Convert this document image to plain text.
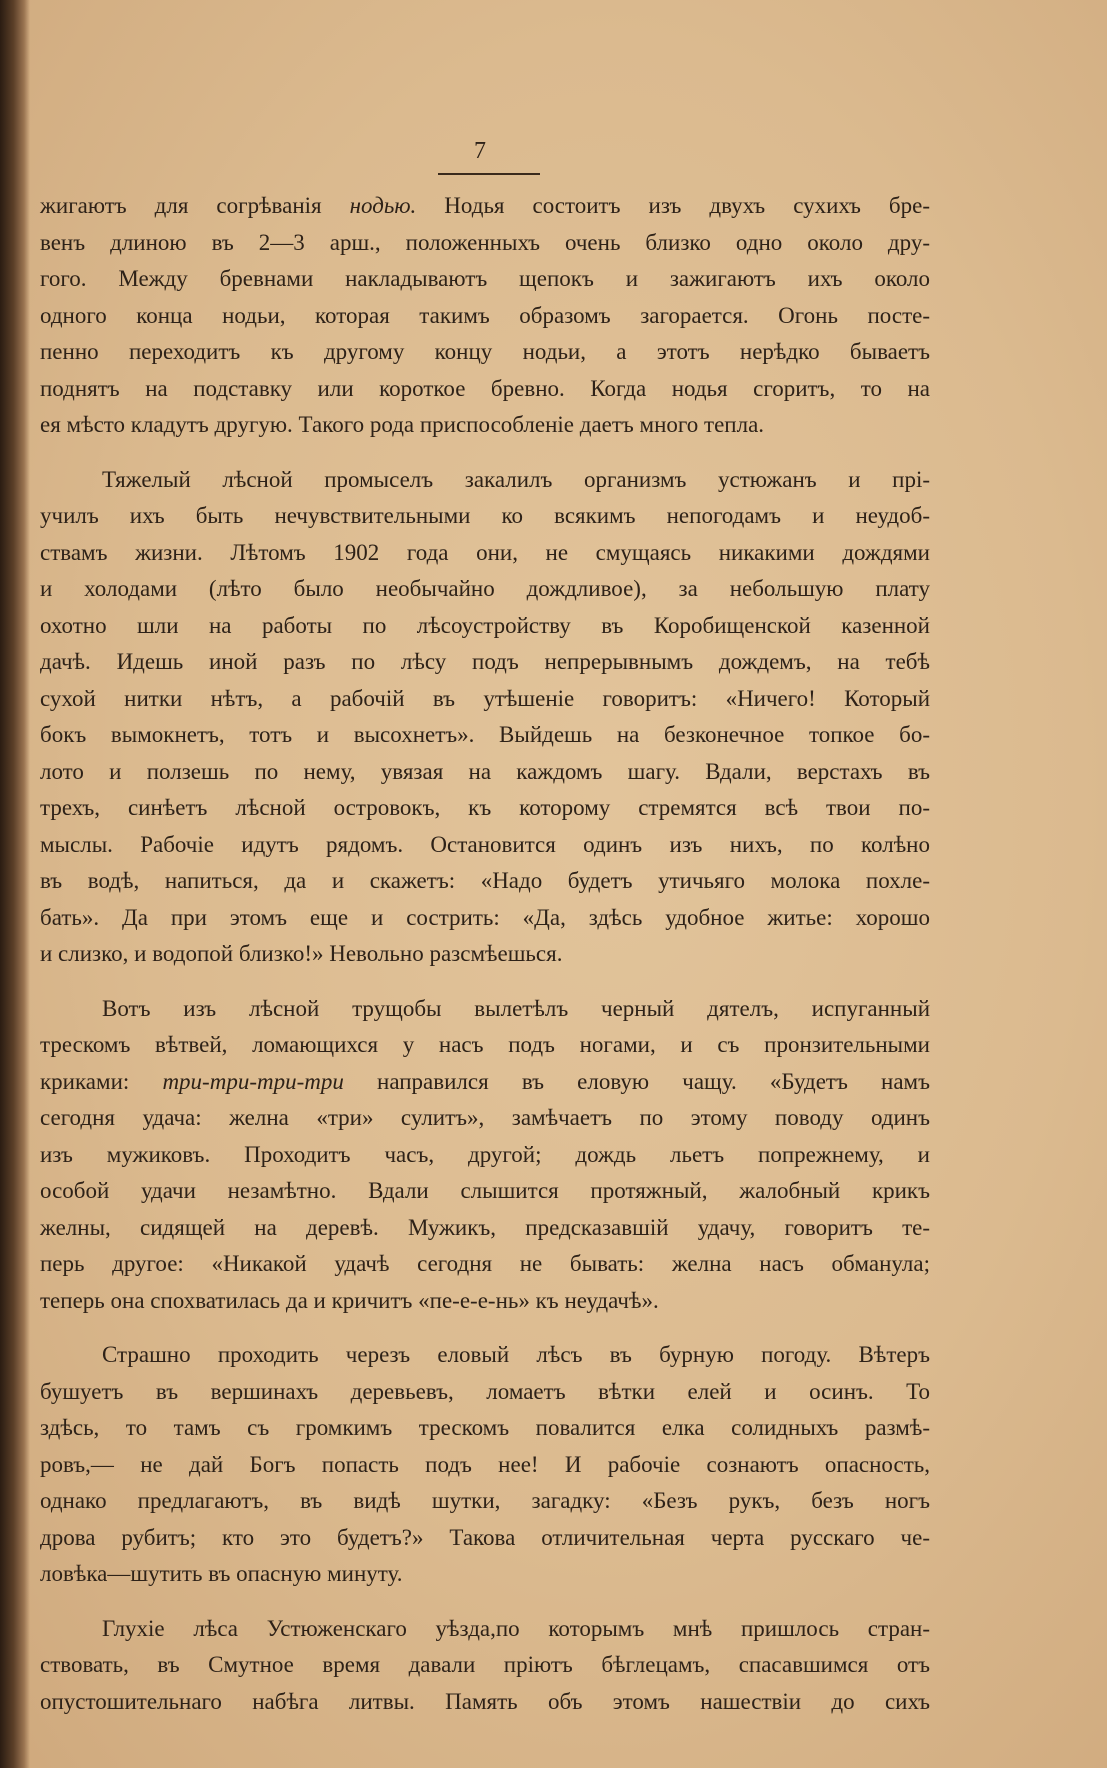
7
жигаютъ для согрѣванія нодью. Нодья состоитъ изъ двухъ сухихъ бре-
венъ длиною въ 2—3 арш., положенныхъ очень близко одно около дру-
гого. Между бревнами накладываютъ щепокъ и зажигаютъ ихъ около
одного конца нодьи, которая такимъ образомъ загорается. Огонь посте-
пенно переходитъ къ другому концу нодьи, а этотъ нерѣдко бываетъ
поднятъ на подставку или короткое бревно. Когда нодья сгоритъ, то на
ея мѣсто кладутъ другую. Такого рода приспособленіе даетъ много тепла.
Тяжелый лѣсной промыселъ закалилъ организмъ устюжанъ и прі-
училъ ихъ быть нечувствительными ко всякимъ непогодамъ и неудоб-
ствамъ жизни. Лѣтомъ 1902 года они, не смущаясь никакими дождями
и холодами (лѣто было необычайно дождливое), за небольшую плату
охотно шли на работы по лѣсоустройству въ Коробищенской казенной
дачѣ. Идешь иной разъ по лѣсу подъ непрерывнымъ дождемъ, на тебѣ
сухой нитки нѣтъ, а рабочій въ утѣшеніе говоритъ: «Ничего! Который
бокъ вымокнетъ, тотъ и высохнетъ». Выйдешь на безконечное топкое бо-
лото и ползешь по нему, увязая на каждомъ шагу. Вдали, верстахъ въ
трехъ, синѣетъ лѣсной островокъ, къ которому стремятся всѣ твои по-
мыслы. Рабочіе идутъ рядомъ. Остановится одинъ изъ нихъ, по колѣно
въ водѣ, напиться, да и скажетъ: «Надо будетъ утичьяго молока похле-
бать». Да при этомъ еще и сострить: «Да, здѣсь удобное житье: хорошо
и слизко, и водопой близко!» Невольно разсмѣешься.
Вотъ изъ лѣсной трущобы вылетѣлъ черный дятелъ, испуганный
трескомъ вѣтвей, ломающихся у насъ подъ ногами, и съ пронзительными
криками: три-три-три-три направился въ еловую чащу. «Будетъ намъ
сегодня удача: желна «три» сулитъ», замѣчаетъ по этому поводу одинъ
изъ мужиковъ. Проходитъ часъ, другой; дождь льетъ попрежнему, и
особой удачи незамѣтно. Вдали слышится протяжный, жалобный крикъ
желны, сидящей на деревѣ. Мужикъ, предсказавшій удачу, говоритъ те-
перь другое: «Никакой удачѣ сегодня не бывать: желна насъ обманула;
теперь она спохватилась да и кричитъ «пе-е-е-нь» къ неудачѣ».
Страшно проходить черезъ еловый лѣсъ въ бурную погоду. Вѣтеръ
бушуетъ въ вершинахъ деревьевъ, ломаетъ вѣтки елей и осинъ. То
здѣсь, то тамъ съ громкимъ трескомъ повалится елка солидныхъ размѣ-
ровъ,— не дай Богъ попасть подъ нее! И рабочіе сознаютъ опасность,
однако предлагаютъ, въ видѣ шутки, загадку: «Безъ рукъ, безъ ногъ
дрова рубитъ; кто это будетъ?» Такова отличительная черта русскаго че-
ловѣка—шутить въ опасную минуту.
Глухіе лѣса Устюженскаго уѣзда,по которымъ мнѣ пришлось стран-
ствовать, въ Смутное время давали пріютъ бѣглецамъ, спасавшимся отъ
опустошительнаго набѣга литвы. Память объ этомъ нашествіи до сихъ
